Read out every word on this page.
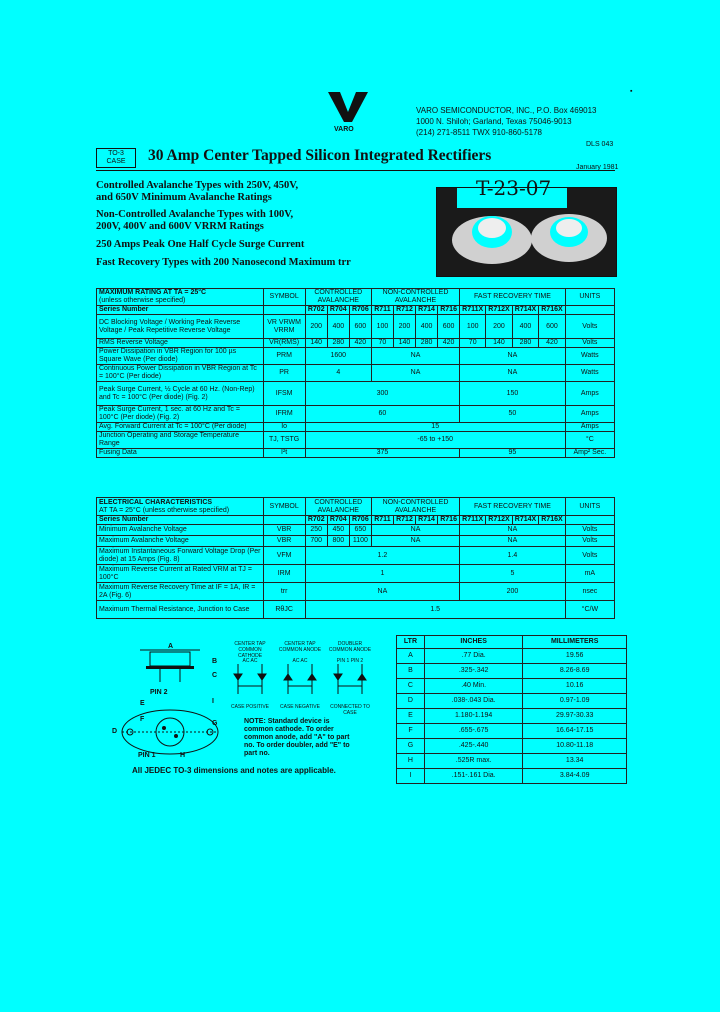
VARO
▪
VARO SEMICONDUCTOR, INC., P.O. Box 469013
1000 N. Shiloh; Garland, Texas 75046-9013
(214) 271-8511 TWX 910-860-5178
DLS 043
TO-3 CASE	30 Amp Center Tapped Silicon Integrated Rectifiers
January 1981
Controlled Avalanche Types with 250V, 450V, and 650V Minimum Avalanche Ratings
Non-Controlled Avalanche Types with 100V, 200V, 400V and 600V VRRM Ratings
250 Amps Peak One Half Cycle Surge Current
Fast Recovery Types with 200 Nanosecond Maximum trr
T-23-07
MAXIMUM RATING AT TA = 25°C
(unless otherwise specified)	SYMBOL	CONTROLLED AVALANCHE			NON-CONTROLLED AVALANCHE				FAST RECOVERY TIME				UNITS

Series Number		R702	R704	R706	R711	R712	R714	R716	R711X	R712X	R714X	R716X	
DC Blocking Voltage / Working Peak Reverse Voltage / Peak Repetitive Reverse Voltage	VR VRWM VRRM	200	400	600	100	200	400	600	100	200	400	600	Volts
RMS Reverse Voltage	VR(RMS)	140	280	420	70	140	280	420	70	140	280	420	Volts
Power Dissipation in VBR Region for 100 µs Square Wave (Per diode)	PRM	1600			NA				NA				Watts
Continuous Power Dissipation in VBR Region at Tc = 100°C (Per diode)	PR	4			NA				NA				Watts
Peak Surge Current, ½ Cycle at 60 Hz. (Non-Rep) and Tc = 100°C (Per diode) (Fig. 2)	IFSM	300							150				Amps
Peak Surge Current, 1 sec. at 60 Hz and Tc = 100°C (Per diode) (Fig. 2)	IFRM	60							50				Amps
Avg. Forward Current at Tc = 100°C (Per diode)	Io	15											Amps
Junction Operating and Storage Temperature Range	TJ, TSTG	-65 to +150											°C
Fusing Data	I²t	375							95				Amp² Sec.
ELECTRICAL CHARACTERISTICS
AT TA = 25°C (unless otherwise specified)	SYMBOL	CONTROLLED AVALANCHE			NON-CONTROLLED AVALANCHE				FAST RECOVERY TIME				UNITS
Series Number		R702	R704	R706	R711	R712	R714	R716	R711X	R712X	R714X	R716X	
Minimum Avalanche Voltage	VBR	250	450	650	NA				NA				Volts
Maximum Avalanche Voltage	VBR	700	800	1100	NA				NA				Volts
Maximum Instantaneous Forward Voltage Drop (Per diode) at 15 Amps (Fig. 8)	VFM	1.2							1.4				Volts
Maximum Reverse Current at Rated VRM at TJ = 100°C	IRM	1							5				mA
Maximum Reverse Recovery Time at IF = 1A, IR = 2A (Fig. 6)	trr	NA							200				nsec
Maximum Thermal Resistance, Junction to Case	RθJC	1.5											°C/W
A
B
C
D
E
F
G
H
I
PIN 2
PIN 1
CENTER TAP COMMON CATHODE
CENTER TAP COMMON ANODE
DOUBLER COMMON ANODE
AC AC	AC AC	PIN 1 PIN 2
CASE POSITIVE	CASE NEGATIVE	CONNECTED TO CASE
NOTE: Standard device is common cathode. To order common anode, add "A" to part no. To order doubler, add "E" to part no.
All JEDEC TO-3 dimensions and notes are applicable.
LTR	INCHES	MILLIMETERS
A	.77 Dia.	19.56
B	.325-.342	8.26-8.69
C	.40 Min.	10.16
D	.038-.043 Dia.	0.97-1.09
E	1.180-1.194	29.97-30.33
F	.655-.675	16.64-17.15
G	.425-.440	10.80-11.18
H	.525R max.	13.34
I	.151-.161 Dia.	3.84-4.09
